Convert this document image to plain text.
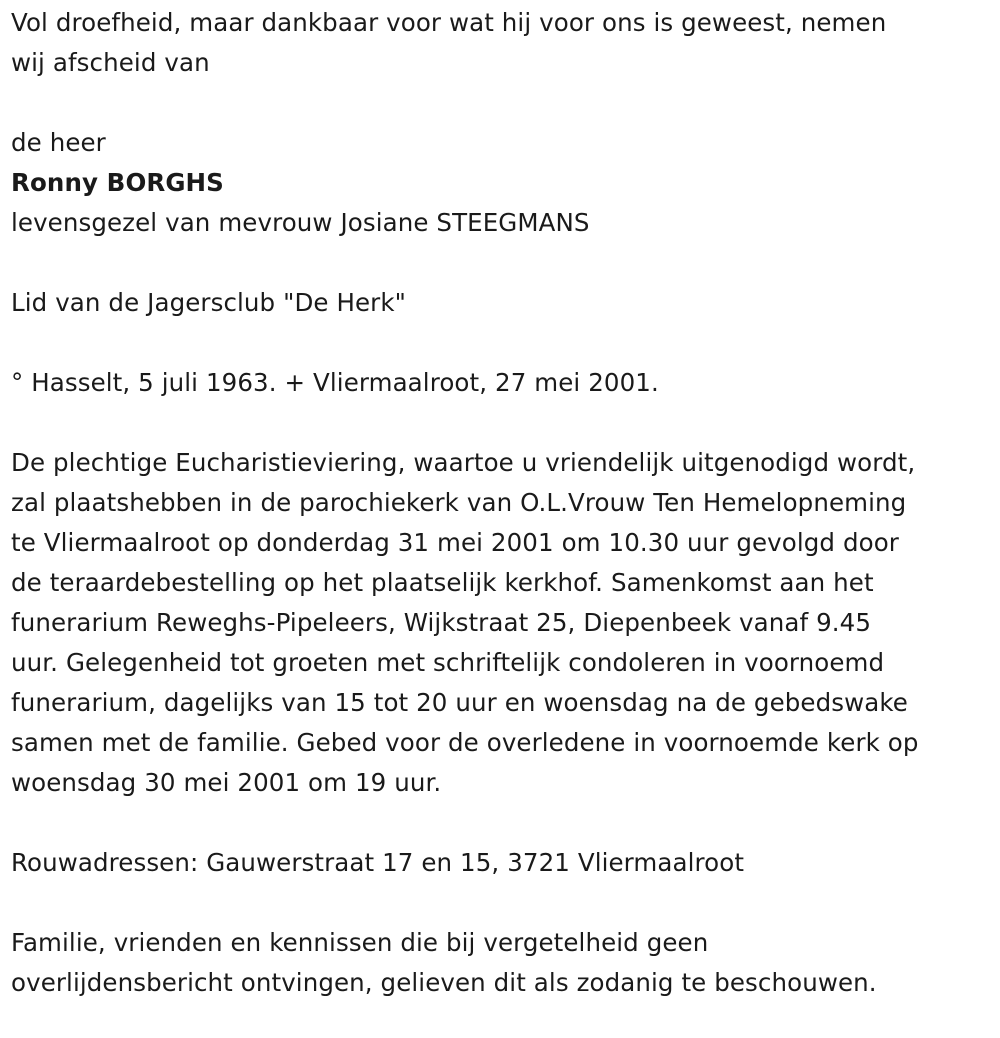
Vol droefheid, maar dankbaar voor wat hij voor ons is geweest, nemen
wij afscheid van
de heer
Ronny BORGHS
levensgezel van mevrouw Josiane STEEGMANS
Lid van de Jagersclub "De Herk"
° Hasselt, 5 juli 1963. + Vliermaalroot, 27 mei 2001.
De plechtige Eucharistieviering, waartoe u vriendelijk uitgenodigd wordt,
zal plaatshebben in de parochiekerk van O.L.Vrouw Ten Hemelopneming
te Vliermaalroot op donderdag 31 mei 2001 om 10.30 uur gevolgd door
de teraardebestelling op het plaatselijk kerkhof. Samenkomst aan het
funerarium Reweghs-Pipeleers, Wijkstraat 25, Diepenbeek vanaf 9.45
uur. Gelegenheid tot groeten met schriftelijk condoleren in voornoemd
funerarium, dagelijks van 15 tot 20 uur en woensdag na de gebedswake
samen met de familie. Gebed voor de overledene in voornoemde kerk op
woensdag 30 mei 2001 om 19 uur.
Rouwadressen: Gauwerstraat 17 en 15, 3721 Vliermaalroot
Familie, vrienden en kennissen die bij vergetelheid geen
overlijdensbericht ontvingen, gelieven dit als zodanig te beschouwen.
